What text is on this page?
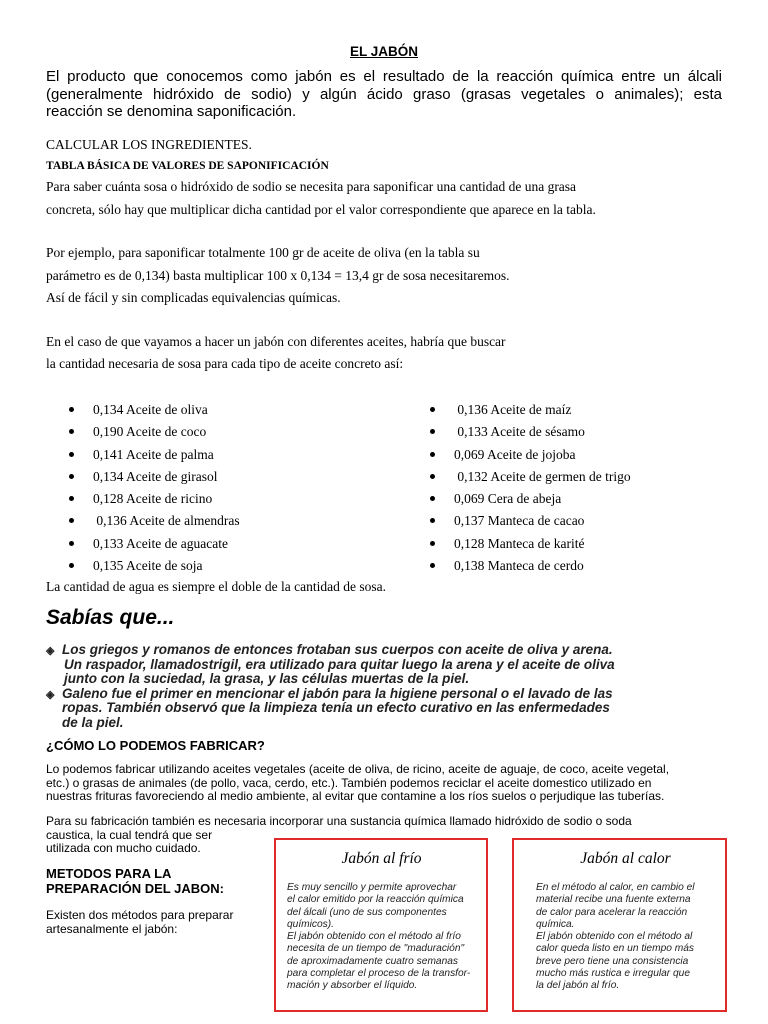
EL JABÓN
El producto que conocemos como jabón es el resultado de la reacción química entre un álcali
(generalmente hidróxido de sodio) y algún ácido graso (grasas vegetales o animales); esta
reacción se denomina saponificación.
CALCULAR LOS INGREDIENTES.
TABLA BÁSICA DE VALORES DE SAPONIFICACIÓN
Para saber cuánta sosa o hidróxido de sodio se necesita para saponificar una cantidad de una grasa
concreta, sólo hay que multiplicar dicha cantidad por el valor correspondiente que aparece en la tabla.
Por ejemplo, para saponificar totalmente 100 gr de aceite de oliva (en la tabla su
parámetro es de 0,134) basta multiplicar 100 x 0,134 = 13,4 gr de sosa necesitaremos.
Así de fácil y sin complicadas equivalencias químicas.
En el caso de que vayamos a hacer un jabón con diferentes aceites, habría que buscar
la cantidad necesaria de sosa para cada tipo de aceite concreto así:
0,134 Aceite de oliva
0,190 Aceite de coco
0,141 Aceite de palma
0,134 Aceite de girasol
0,128 Aceite de ricino
0,136 Aceite de almendras
0,133 Aceite de aguacate
0,135 Aceite de soja
0,136 Aceite de maíz
0,133 Aceite de sésamo
0,069 Aceite de jojoba
0,132 Aceite de germen de trigo
0,069 Cera de abeja
0,137 Manteca de cacao
0,128 Manteca de karité
0,138 Manteca de cerdo
La cantidad de agua es siempre el doble de la cantidad de sosa.
Sabías que...
◈ Los griegos y romanos de entonces frotaban sus cuerpos con aceite de oliva y arena.
Un raspador, llamadostrigil, era utilizado para quitar luego la arena y el aceite de oliva
junto con la suciedad, la grasa, y las células muertas de la piel.
◈ Galeno fue el primer en mencionar el jabón para la higiene personal o el lavado de las
ropas. También observó que la limpieza tenía un efecto curativo en las enfermedades
de la piel.
¿CÓMO LO PODEMOS FABRICAR?
Lo podemos fabricar utilizando aceites vegetales (aceite de oliva, de ricino, aceite de aguaje, de coco, aceite vegetal,
etc.) o grasas de animales (de pollo, vaca, cerdo, etc.). También podemos reciclar el aceite domestico utilizado en
nuestras frituras favoreciendo al medio ambiente, al evitar que contamine a los ríos suelos o perjudique las tuberías.
Para su fabricación también es necesaria incorporar una sustancia química llamado hidróxido de sodio o soda
caustica, la cual tendrá que ser
utilizada con mucho cuidado.
METODOS PARA LA
PREPARACIÓN DEL JABON:
Existen dos métodos para preparar
artesanalmente el jabón:
Jabón al frío
Es muy sencillo y permite aprovechar
el calor emitido por la reacción química
del álcali (uno de sus componentes
químicos).
El jabón obtenido con el método al frío
necesita de un tiempo de "maduración"
de aproximadamente cuatro semanas
para completar el proceso de la transfor-
mación y absorber el líquido.
Jabón al calor
En el método al calor, en cambio el
material recibe una fuente externa
de calor para acelerar la reacción
química.
El jabón obtenido con el método al
calor queda listo en un tiempo más
breve pero tiene una consistencia
mucho más rustica e irregular que
la del jabón al frío.
